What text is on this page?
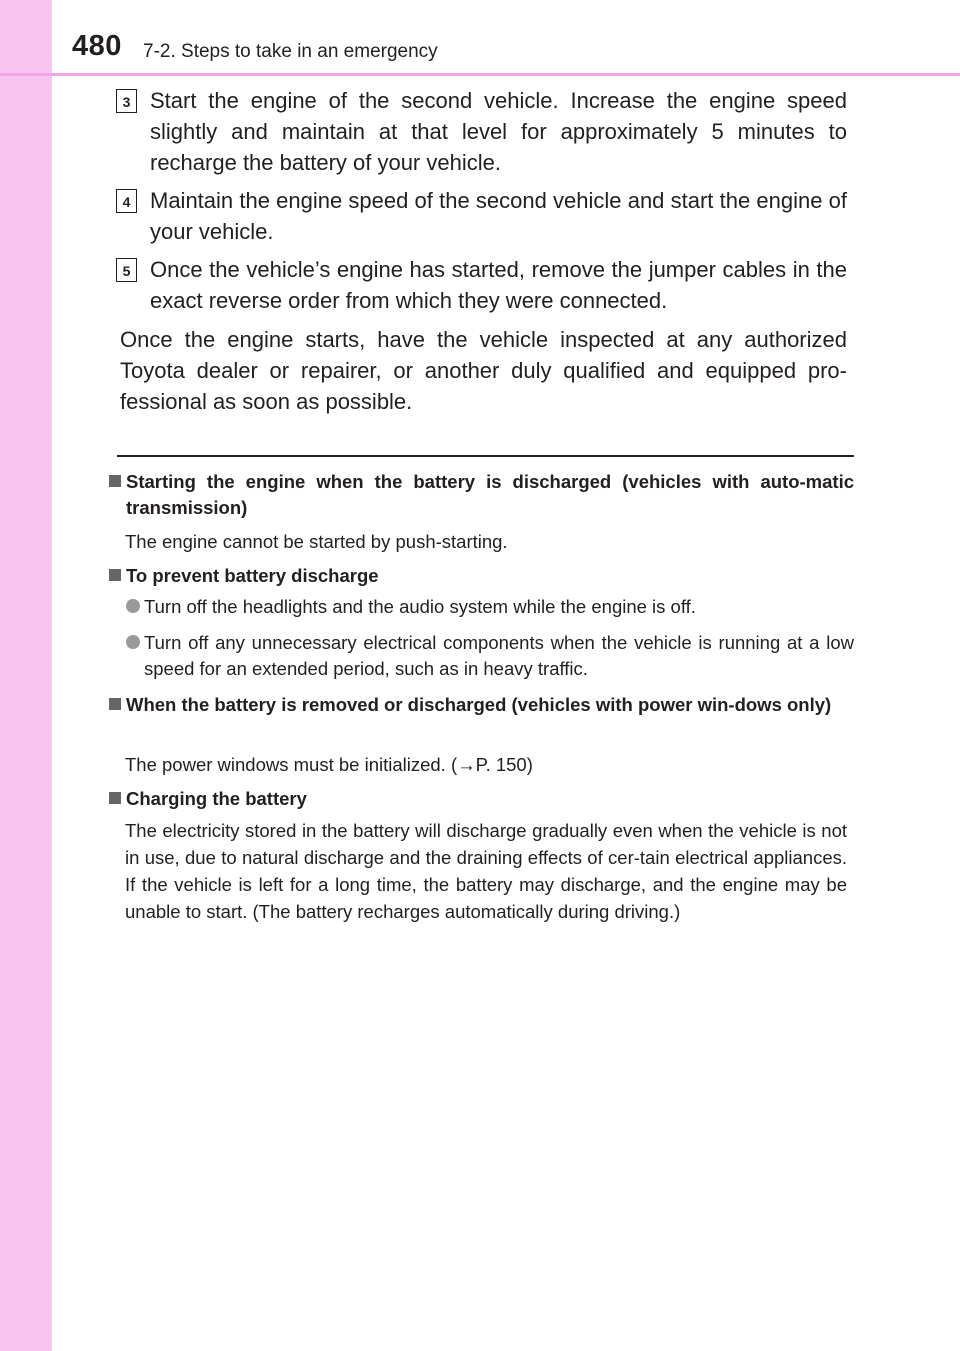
480 7-2. Steps to take in an emergency
3 Start the engine of the second vehicle. Increase the engine speed slightly and maintain at that level for approximately 5 minutes to recharge the battery of your vehicle.

4 Maintain the engine speed of the second vehicle and start the engine of your vehicle.

5 Once the vehicle’s engine has started, remove the jumper cables in the exact reverse order from which they were connected.

Once the engine starts, have the vehicle inspected at any authorized Toyota dealer or repairer, or another duly qualified and equipped pro-fessional as soon as possible.

Starting the engine when the battery is discharged (vehicles with auto-matic transmission)

The engine cannot be started by push-starting.

To prevent battery discharge
Turn off the headlights and the audio system while the engine is off.
Turn off any unnecessary electrical components when the vehicle is running at a low speed for an extended period, such as in heavy traffic.
When the battery is removed or discharged (vehicles with power win-dows only)

The power windows must be initialized. (→P. 150)

Charging the battery

The electricity stored in the battery will discharge gradually even when the vehicle is not in use, due to natural discharge and the draining effects of cer-tain electrical appliances. If the vehicle is left for a long time, the battery may discharge, and the engine may be unable to start. (The battery recharges automatically during driving.)
